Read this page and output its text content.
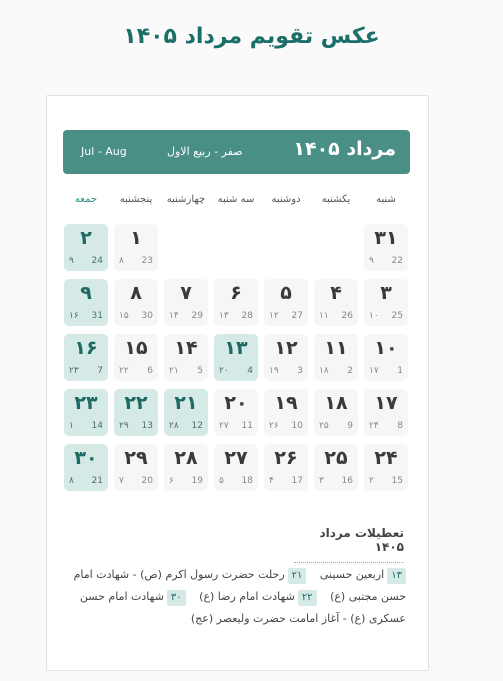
عکس تقویم مرداد ۱۴۰۵
مرداد ۱۴۰۵
صفر - ربیع الاول
Jul - Aug
شنبه
یکشنبه
دوشنبه
سه شنبه
چهارشنبه
پنجشنبه
جمعه
۳۱
22
۹
۱
23
۸
۲
24
۹
۳
25
۱۰
۴
26
۱۱
۵
27
۱۲
۶
28
۱۳
۷
29
۱۴
۸
30
۱۵
۹
31
۱۶
۱۰
1
۱۷
۱۱
2
۱۸
۱۲
3
۱۹
۱۳
4
۲۰
۱۴
5
۲۱
۱۵
6
۲۲
۱۶
7
۲۳
۱۷
8
۲۴
۱۸
9
۲۵
۱۹
10
۲۶
۲۰
11
۲۷
۲۱
12
۲۸
۲۲
13
۲۹
۲۳
14
۱
۲۴
15
۲
۲۵
16
۳
۲۶
17
۴
۲۷
18
۵
۲۸
19
۶
۲۹
20
۷
۳۰
21
۸
تعطیلات مرداد ۱۴۰۵
۱۳اربعین حسینی ۲۱رحلت حضرت رسول اکرم (ص) - شهادت امام حسن مجتبی (ع) ۲۲شهادت امام رضا (ع) ۳۰شهادت امام حسن عسکری (ع) - آغاز امامت حضرت ولیعصر (عج)
